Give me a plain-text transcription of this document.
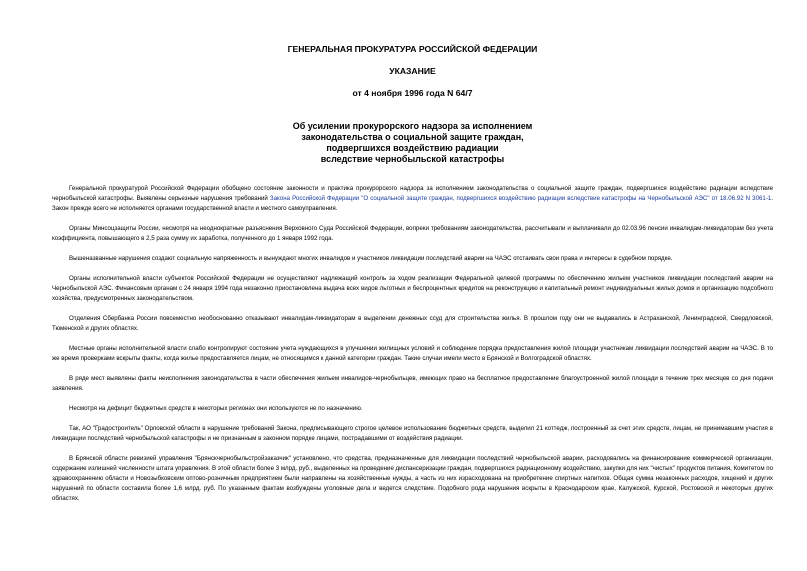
ГЕНЕРАЛЬНАЯ ПРОКУРАТУРА РОССИЙСКОЙ ФЕДЕРАЦИИ
УКАЗАНИЕ
от 4 ноября 1996 года N 64/7
Об усилении прокурорского надзора за исполнением
законодательства о социальной защите граждан,
подвергшихся воздействию радиации
вследствие чернобыльской катастрофы

Генеральной прокуратурой Российской Федерации обобщено состояние законности и практика прокурорского надзора за исполнением законодательства о социальной защите граждан, подвергшихся воздействию радиации вследствие чернобыльской катастрофы. Выявлены серьезные нарушения требований Закона Российской Федерации "О социальной защите граждан, подвергшихся воздействию радиации вследствие катастрофы на Чернобыльской АЭС" от 18.06.92 N 3061-1. Закон прежде всего не исполняется органами государственной власти и местного самоуправления.

Органы Минсоцзащиты России, несмотря на неоднократные разъяснения Верховного Суда Российской Федерации, вопреки требованиям законодательства, рассчитывали и выплачивали до 02.03.96 пенсии инвалидам-ликвидаторам без учета коэффициента, повышающего в 2,5 раза сумму их заработка, полученного до 1 января 1992 года.

Вышеназванные нарушения создают социальную напряженность и вынуждают многих инвалидов и участников ликвидации последствий аварии на ЧАЭС отстаивать свои права и интересы в судебном порядке.

Органы исполнительной власти субъектов Российской Федерации не осуществляют надлежащий контроль за ходом реализации Федеральной целевой программы по обеспечению жильем участников ликвидации последствий аварии на Чернобыльской АЭС. Финансовым органам с 24 января 1994 года незаконно приостановлена выдача всех видов льготных и беспроцентных кредитов на реконструкцию и капитальный ремонт индивидуальных жилых домов и организацию подсобного хозяйства, предусмотренных законодательством.

Отделения Сбербанка России повсеместно необоснованно отказывают инвалидам-ликвидаторам в выделении денежных ссуд для строительства жилья. В прошлом году они не выдавались в Астраханской, Ленинградской, Свердловской, Тюменской и других областях.

Местные органы исполнительной власти слабо контролируют состояние учета нуждающихся в улучшении жилищных условий и соблюдение порядка предоставления жилой площади участникам ликвидации последствий аварии на ЧАЭС. В то же время проверками вскрыты факты, когда жилье предоставляется лицам, не относящимся к данной категории граждан. Такие случаи имели место в Брянской и Волгоградской областях.

В ряде мест выявлены факты неисполнения законодательства в части обеспечения жильем инвалидов-чернобыльцев, имеющих право на бесплатное предоставление благоустроенной жилой площади в течение трех месяцев со дня подачи заявления.

Несмотря на дефицит бюджетных средств в некоторых регионах они используются не по назначению.

Так, АО "Градостроитель" Орловской области в нарушение требований Закона, предписывающего строгое целевое использование бюджетных средств, выделил 21 коттедж, построенный за счет этих средств, лицам, не принимавшим участия в ликвидации последствий чернобыльской катастрофы и не признанным в законном порядке лицами, пострадавшими от воздействия радиации.

В Брянской области ревизией управления "Брянскчернобыльстройзаказчик" установлено, что средства, предназначенные для ликвидации последствий чернобыльской аварии, расходовались на финансирование коммерческой организации, содержание излишней численности штата управления. В этой области более 3 млрд. руб., выделенных на проведение диспансеризации граждан, подвергшихся радиационному воздействию, закупки для них "чистых" продуктов питания, Комитетом по здравоохранению области и Новозыбковским оптово-розничным предприятием были направлены на хозяйственные нужды, а часть из них израсходована на приобретение спиртных напитков. Общая сумма незаконных расходов, хищений и других нарушений по области составила более 1,6 млрд. руб. По указанным фактам возбуждены уголовные дела и ведется следствие. Подобного рода нарушения вскрыты в Краснодарском крае, Калужской, Курской, Ростовской и некоторых других областях.
